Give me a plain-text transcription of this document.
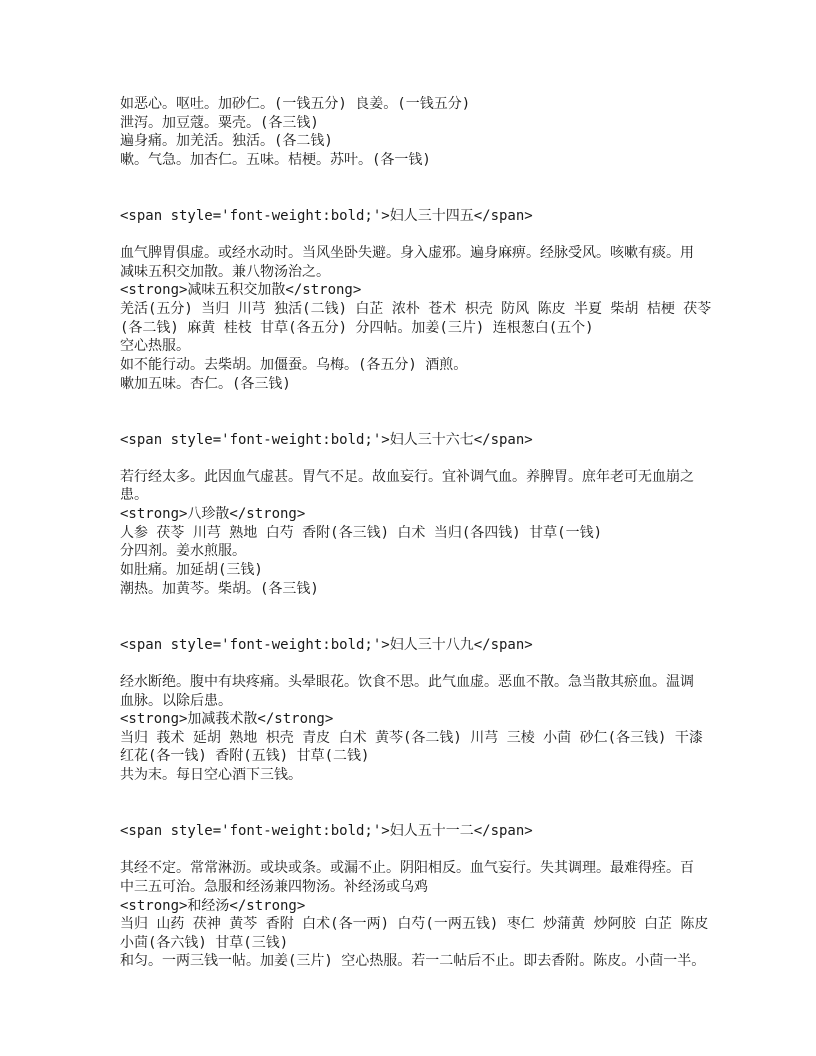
如恶心。呕吐。加砂仁。(一钱五分) 良姜。(一钱五分)
泄泻。加豆蔻。粟壳。(各三钱)
遍身痛。加羌活。独活。(各二钱)
嗽。气急。加杏仁。五味。桔梗。苏叶。(各一钱)
<span style='font-weight:bold;'>妇人三十四五</span>
血气脾胃俱虚。或经水动时。当风坐卧失避。身入虚邪。遍身麻痹。经脉受风。咳嗽有痰。用
减味五积交加散。兼八物汤治之。
<strong>减味五积交加散</strong>
羌活(五分) 当归 川芎 独活(二钱) 白芷 浓朴 苍术 枳壳 防风 陈皮 半夏 柴胡 桔梗 茯苓
(各二钱) 麻黄 桂枝 甘草(各五分) 分四帖。加姜(三片) 连根葱白(五个)
空心热服。
如不能行动。去柴胡。加僵蚕。乌梅。(各五分) 酒煎。
嗽加五味。杏仁。(各三钱)
<span style='font-weight:bold;'>妇人三十六七</span>
若行经太多。此因血气虚甚。胃气不足。故血妄行。宜补调气血。养脾胃。庶年老可无血崩之
患。
<strong>八珍散</strong>
人参 茯苓 川芎 熟地 白芍 香附(各三钱) 白术 当归(各四钱) 甘草(一钱)
分四剂。姜水煎服。
如肚痛。加延胡(三钱)
潮热。加黄芩。柴胡。(各三钱)
<span style='font-weight:bold;'>妇人三十八九</span>
经水断绝。腹中有块疼痛。头晕眼花。饮食不思。此气血虚。恶血不散。急当散其瘀血。温调
血脉。以除后患。
<strong>加减莪术散</strong>
当归 莪术 延胡 熟地 枳壳 青皮 白术 黄芩(各二钱) 川芎 三棱 小茴 砂仁(各三钱) 干漆
红花(各一钱) 香附(五钱) 甘草(二钱)
共为末。每日空心酒下三钱。
<span style='font-weight:bold;'>妇人五十一二</span>
其经不定。常常淋沥。或块或条。或漏不止。阴阳相反。血气妄行。失其调理。最难得痊。百
中三五可治。急服和经汤兼四物汤。补经汤或乌鸡
<strong>和经汤</strong>
当归 山药 茯神 黄芩 香附 白术(各一两) 白芍(一两五钱) 枣仁 炒蒲黄 炒阿胶 白芷 陈皮
小茴(各六钱) 甘草(三钱)
和匀。一两三钱一帖。加姜(三片) 空心热服。若一二帖后不止。即去香附。陈皮。小茴一半。
